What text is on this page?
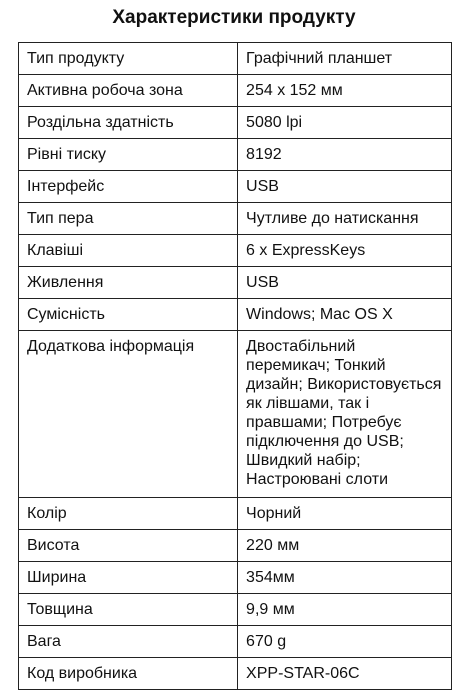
Характеристики продукту
Тип продукту	Графічний планшет
Активна робоча зона	254 x 152 мм
Роздільна здатність	5080 lpi
Рівні тиску	8192
Інтерфейс	USB
Тип пера	Чутливе до натискання
Клавіші	6 x ExpressKeys
Живлення	USB
Сумісність	Windows; Mac OS X
Додаткова інформація	Двостабільний перемикач; Тонкий дизайн; Використовується як лівшами, так і правшами; Потребує підключення до USB; Швидкий набір; Настроювані слоти
Колір	Чорний
Висота	220 мм
Ширина	354мм
Товщина	9,9 мм
Вага	670 g
Код виробника	XPP-STAR-06C
